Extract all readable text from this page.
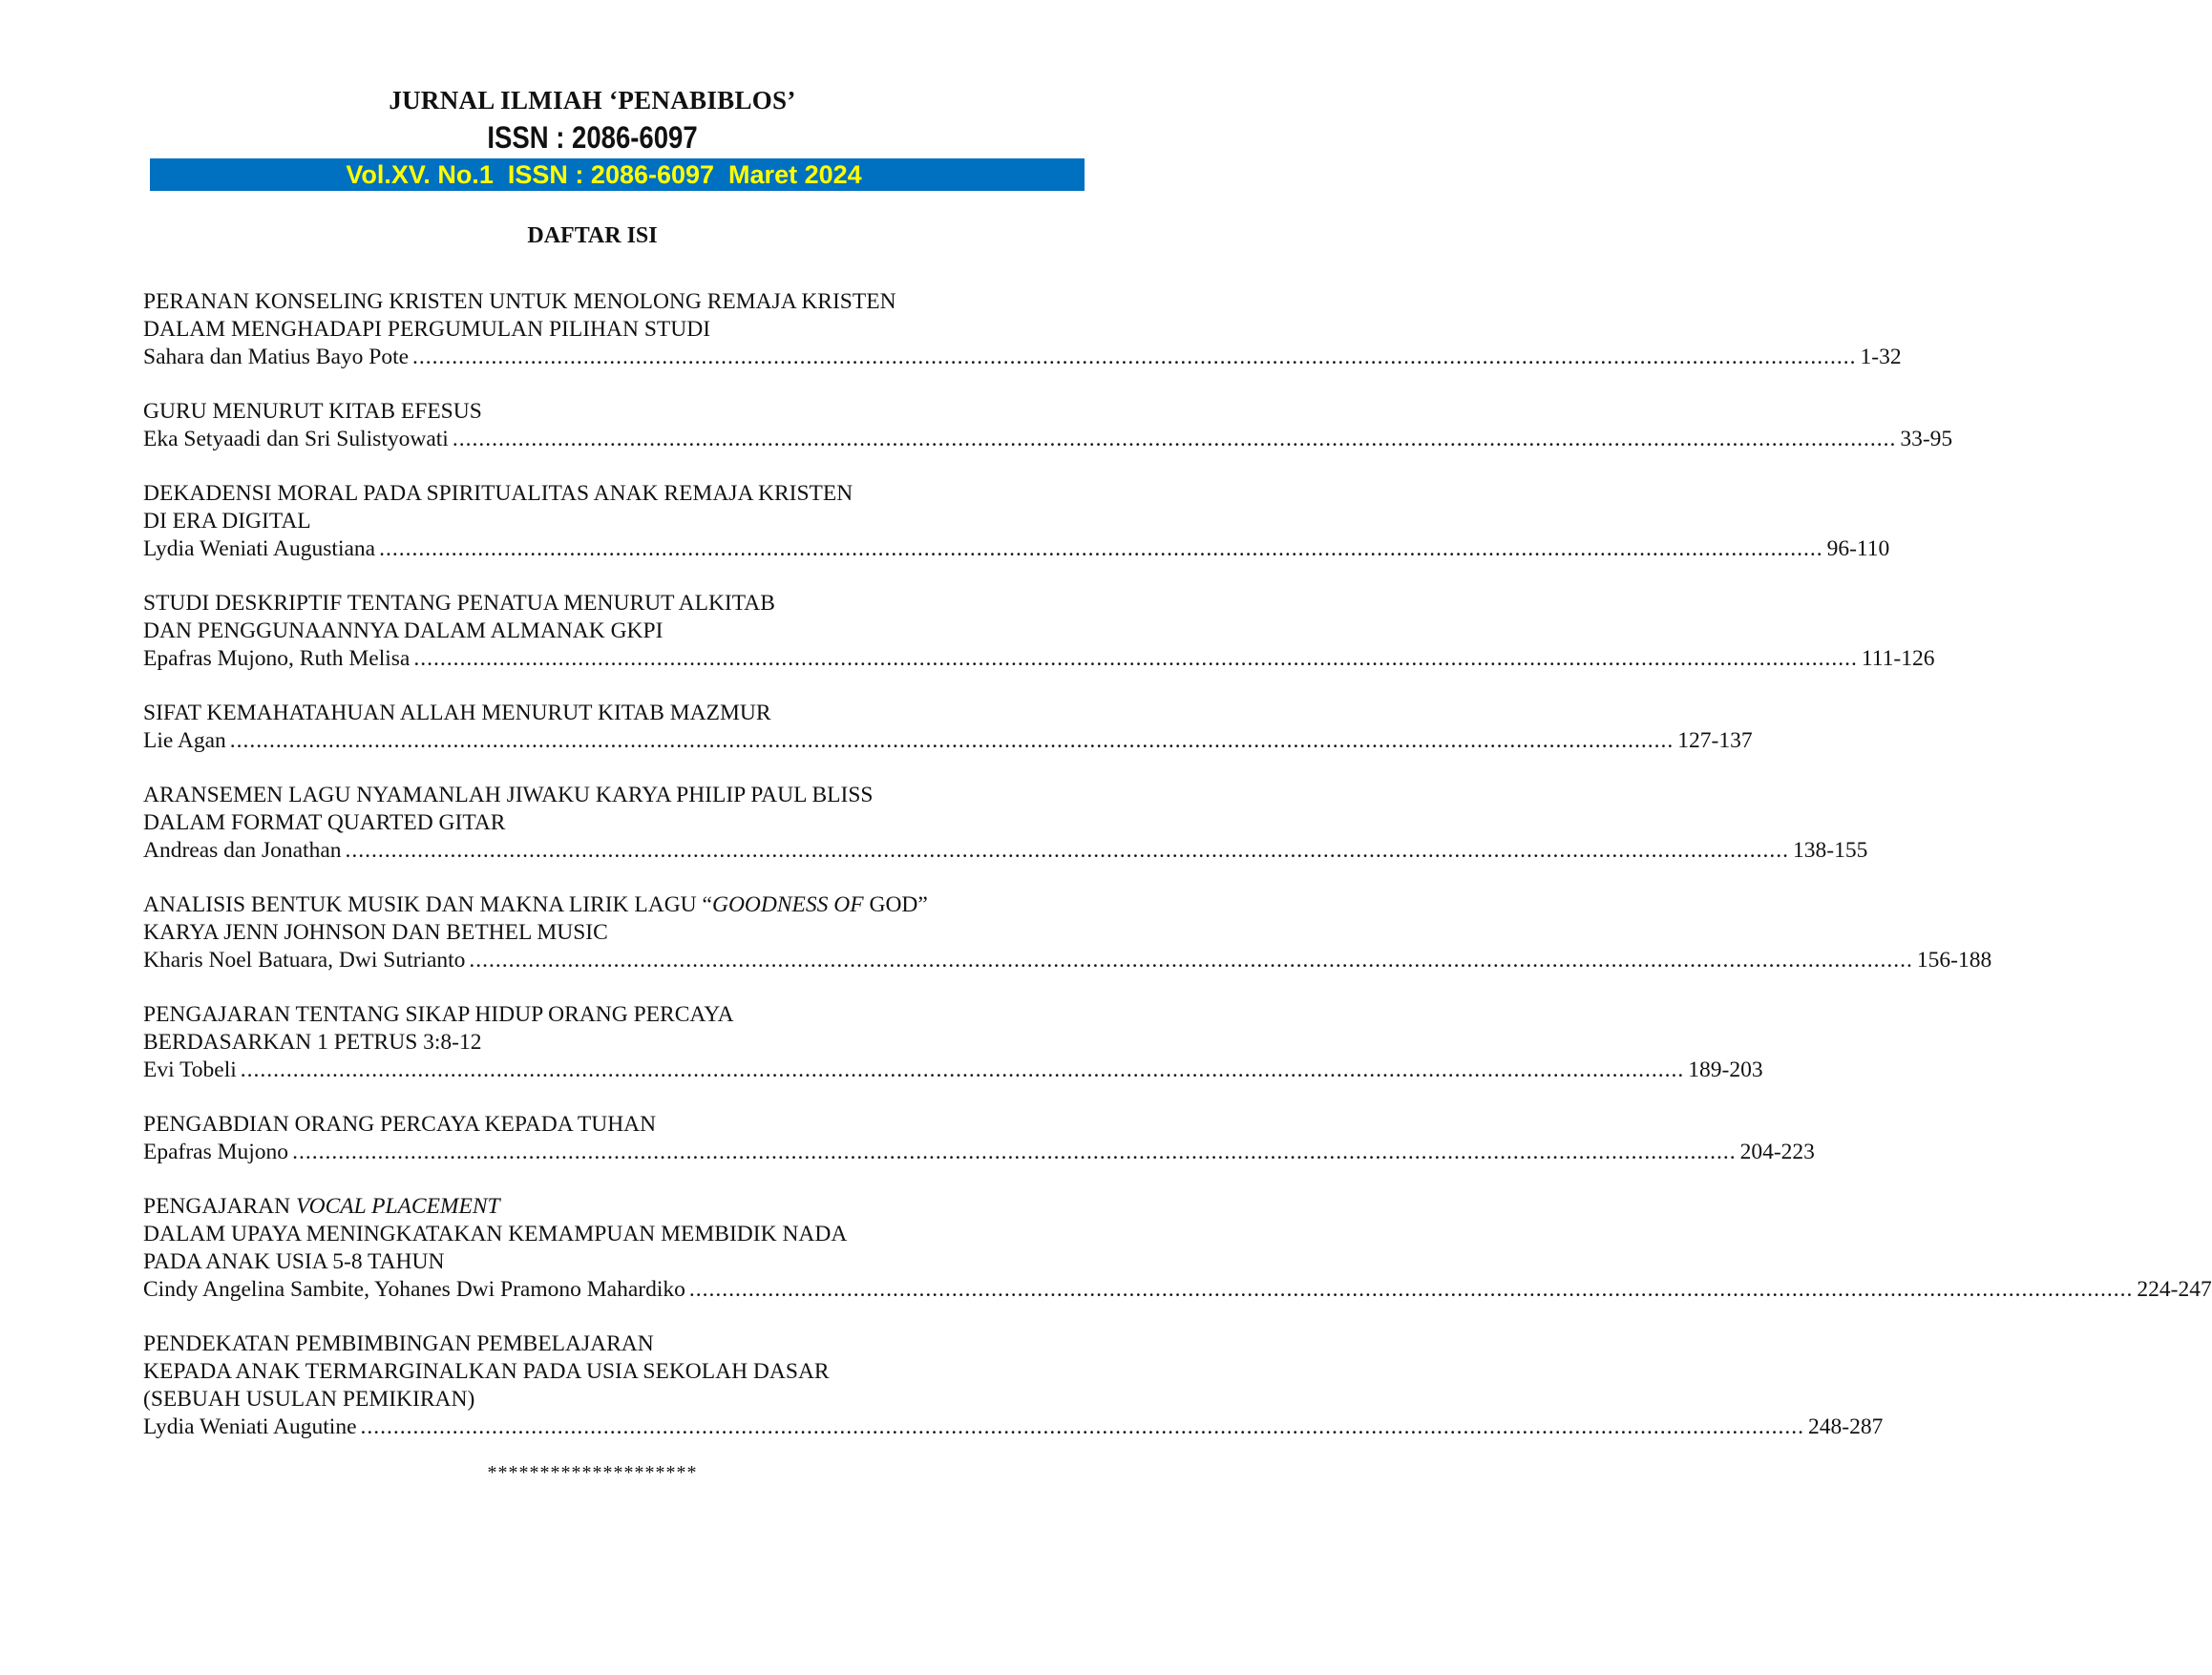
JURNAL ILMIAH ‘PENABIBLOS’
ISSN : 2086-6097
Vol.XV. No.1  ISSN : 2086-6097  Maret 2024
DAFTAR ISI
PERANAN KONSELING KRISTEN UNTUK MENOLONG REMAJA KRISTEN
DALAM MENGHADAPI PERGUMULAN PILIHAN STUDI
Sahara dan Matius Bayo Pote ............................................................................................................................................................................................................................ 1-32
GURU MENURUT KITAB EFESUS
Eka Setyaadi dan Sri Sulistyowati ............................................................................................................................................................................................................................ 33-95
DEKADENSI MORAL PADA SPIRITUALITAS ANAK REMAJA KRISTEN
DI ERA DIGITAL
Lydia Weniati Augustiana ............................................................................................................................................................................................................................ 96-110
STUDI DESKRIPTIF TENTANG PENATUA MENURUT ALKITAB
DAN PENGGUNAANNYA DALAM ALMANAK GKPI
Epafras Mujono, Ruth Melisa ............................................................................................................................................................................................................................ 111-126
SIFAT KEMAHATAHUAN ALLAH MENURUT KITAB MAZMUR
Lie Agan ............................................................................................................................................................................................................................ 127-137
ARANSEMEN LAGU NYAMANLAH JIWAKU KARYA PHILIP PAUL BLISS
DALAM FORMAT QUARTED GITAR
Andreas dan Jonathan ............................................................................................................................................................................................................................ 138-155
ANALISIS BENTUK MUSIK DAN MAKNA LIRIK LAGU “GOODNESS OF GOD”
KARYA JENN JOHNSON DAN BETHEL MUSIC
Kharis Noel Batuara, Dwi Sutrianto ............................................................................................................................................................................................................................ 156-188
PENGAJARAN TENTANG SIKAP HIDUP ORANG PERCAYA
BERDASARKAN 1 PETRUS 3:8-12
Evi Tobeli ............................................................................................................................................................................................................................ 189-203
PENGABDIAN ORANG PERCAYA KEPADA TUHAN
Epafras Mujono ............................................................................................................................................................................................................................ 204-223
PENGAJARAN VOCAL PLACEMENT
DALAM UPAYA MENINGKATAKAN KEMAMPUAN MEMBIDIK NADA
PADA ANAK USIA 5-8 TAHUN
Cindy Angelina Sambite, Yohanes Dwi Pramono Mahardiko ............................................................................................................................................................................................................................ 224-247
PENDEKATAN PEMBIMBINGAN PEMBELAJARAN
KEPADA ANAK TERMARGINALKAN PADA USIA SEKOLAH DASAR
(SEBUAH USULAN PEMIKIRAN)
Lydia Weniati Augutine ............................................................................................................................................................................................................................ 248-287
********************
